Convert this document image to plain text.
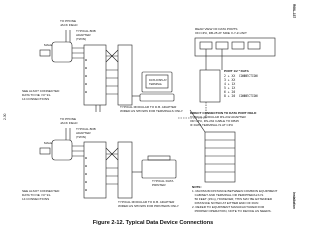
R68L-137
Installation
2-30
TO PHONE
JACK FIELD
TYPICAL 8DB
ADAPTER
(TWIN)
MALE
SEE ALSO? CONNECTED
DATA TO NE  NY 91-
14 CONNECTIONS
TYPICAL MODULAR TO D.B. ADAPTER
WIRED AS SHOWN FOR TERMINALS ONLY.
DATA DISPLAY
TERMINAL
REAR VIEW OF DATA PORTS
ON CPU, DB-25 AT SIDE X-Y-Z-UNIT
PORT 1/2 * DATA
2 + XX  CONNECTION
3 + XX
4 + 1X
5 + 1X
6 + 20
8 + 20  CONNECTION
TO PHONE
JACK FIELD
TYPICAL 8DB
ADAPTER
(TWIN)
MALE
SEE ALSO? CONNECTED
DATA TO NE  NY 91-
14 CONNECTIONS
TYPICAL MODULAR TO D.B. ADAPTER
WIRED AS SHOWN FOR PRINTERS ONLY.
TYPICAL DATA
PRINTER
DIRECT CONNECTION TO DATA PORT FIELD
TYPICAL MODULAR RS-232 ADAPTER
OR CPU, RS-232 CABLE TO DB25
IF DATA TERMINAL IS AT CPU
NOTE:
1. MAXIMUM DISTANCE BETWEEN COMMON EQUIPMENT
CABINET AND TERMINAL OR PERIPHERALS IS
50 FEET (15m), HOWEVER, THIS MAY BE EXTENDED
DISTANCE NOTED AT EITHER END OF RUN
2. REFER TO EQUIPMENT MANUFACTURER FOR
PROPER OPERATION, NOTE TO DEVICE AS NEEDS.
Figure 2-12. Typical Data Device Connections
